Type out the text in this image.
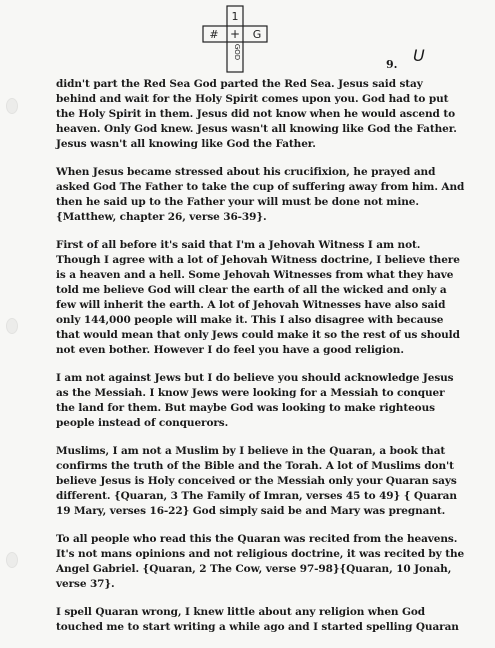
1
+
#	G
GOD
9. U
didn't part the Red Sea God parted the Red Sea. Jesus said stay
behind and wait for the Holy Spirit comes upon you. God had to put
the Holy Spirit in them. Jesus did not know when he would ascend to
heaven. Only God knew. Jesus wasn't all knowing like God the Father.
Jesus wasn't all knowing like God the Father.
When Jesus became stressed about his crucifixion, he prayed and
asked God The Father to take the cup of suffering away from him. And
then he said up to the Father your will must be done not mine.
{Matthew, chapter 26, verse 36-39}.
First of all before it's said that I'm a Jehovah Witness I am not.
Though I agree with a lot of Jehovah Witness doctrine, I believe there
is a heaven and a hell. Some Jehovah Witnesses from what they have
told me believe God will clear the earth of all the wicked and only a
few will inherit the earth. A lot of Jehovah Witnesses have also said
only 144,000 people will make it. This I also disagree with because
that would mean that only Jews could make it so the rest of us should
not even bother. However I do feel you have a good religion.
I am not against Jews but I do believe you should acknowledge Jesus
as the Messiah. I know Jews were looking for a Messiah to conquer
the land for them. But maybe God was looking to make righteous
people instead of conquerors.
Muslims, I am not a Muslim by I believe in the Quaran, a book that
confirms the truth of the Bible and the Torah. A lot of Muslims don't
believe Jesus is Holy conceived or the Messiah only your Quaran says
different. {Quaran, 3 The Family of Imran, verses 45 to 49} { Quaran
19 Mary, verses 16-22} God simply said be and Mary was pregnant.
To all people who read this the Quaran was recited from the heavens.
It's not mans opinions and not religious doctrine, it was recited by the
Angel Gabriel. {Quaran, 2 The Cow, verse 97-98}{Quaran, 10 Jonah,
verse 37}.
I spell Quaran wrong, I knew little about any religion when God
touched me to start writing a while ago and I started spelling Quaran
